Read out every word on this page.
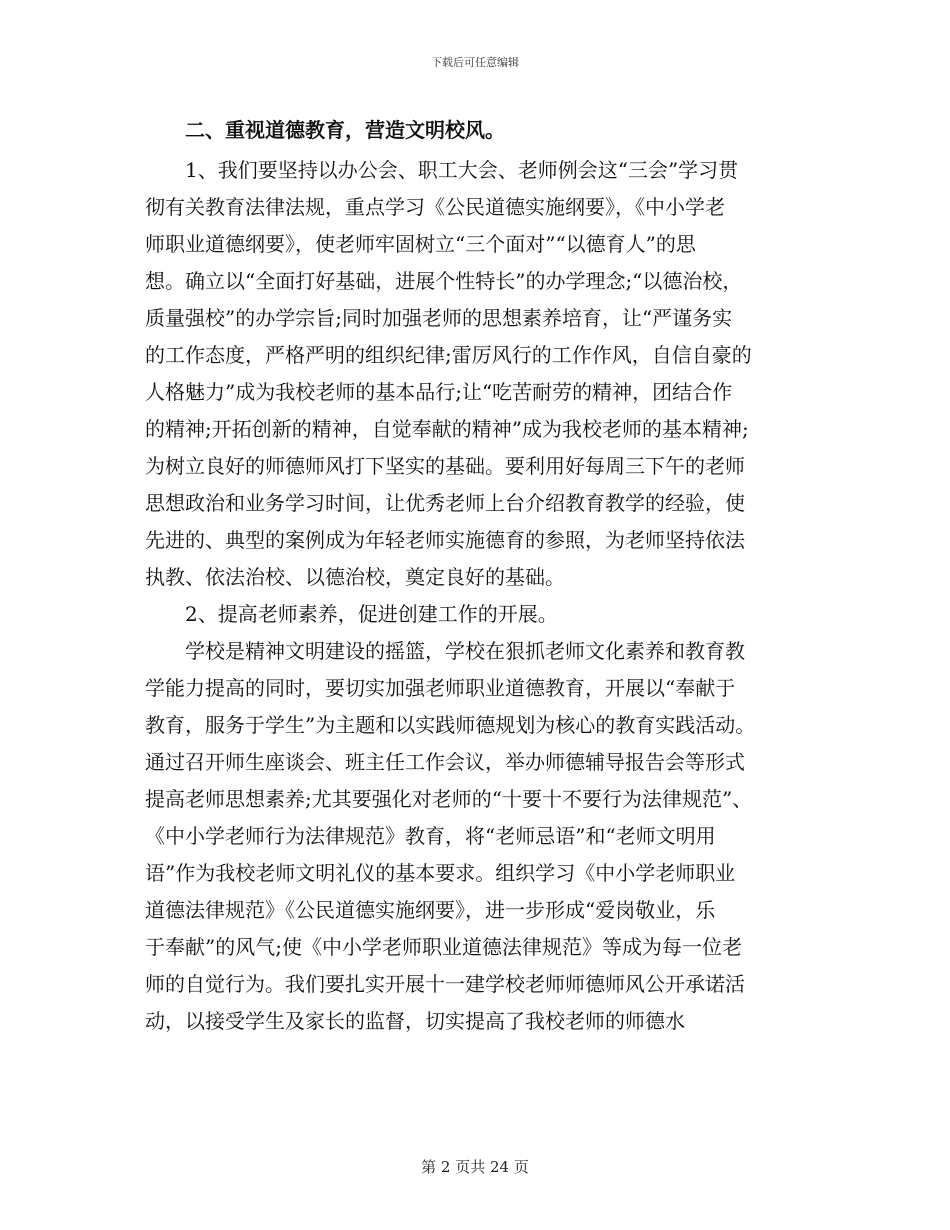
下载后可任意编辑
二、重视道德教育，营造文明校风。
1、我们要坚持以办公会、职工大会、老师例会这“三会”学习贯
彻有关教育法律法规，重点学习《公民道德实施纲要》，《中小学老
师职业道德纲要》，使老师牢固树立“三个面对”“以德育人”的思
想。确立以“全面打好基础，进展个性特长”的办学理念;“以德治校，
质量强校”的办学宗旨;同时加强老师的思想素养培育，让“严谨务实
的工作态度，严格严明的组织纪律;雷厉风行的工作作风，自信自豪的
人格魅力”成为我校老师的基本品行;让“吃苦耐劳的精神，团结合作
的精神;开拓创新的精神，自觉奉献的精神”成为我校老师的基本精神;
为树立良好的师德师风打下坚实的基础。要利用好每周三下午的老师
思想政治和业务学习时间，让优秀老师上台介绍教育教学的经验，使
先进的、典型的案例成为年轻老师实施德育的参照，为老师坚持依法
执教、依法治校、以德治校，奠定良好的基础。
2、提高老师素养，促进创建工作的开展。
学校是精神文明建设的摇篮，学校在狠抓老师文化素养和教育教
学能力提高的同时，要切实加强老师职业道德教育，开展以“奉献于
教育，服务于学生”为主题和以实践师德规划为核心的教育实践活动。
通过召开师生座谈会、班主任工作会议，举办师德辅导报告会等形式
提高老师思想素养;尤其要强化对老师的“十要十不要行为法律规范”、
《中小学老师行为法律规范》教育，将“老师忌语”和“老师文明用
语”作为我校老师文明礼仪的基本要求。组织学习《中小学老师职业
道德法律规范》《公民道德实施纲要》，进一步形成“爱岗敬业，乐
于奉献”的风气;使《中小学老师职业道德法律规范》等成为每一位老
师的自觉行为。我们要扎实开展十一建学校老师师德师风公开承诺活
动，以接受学生及家长的监督，切实提高了我校老师的师德水
第 2 页共 24 页
